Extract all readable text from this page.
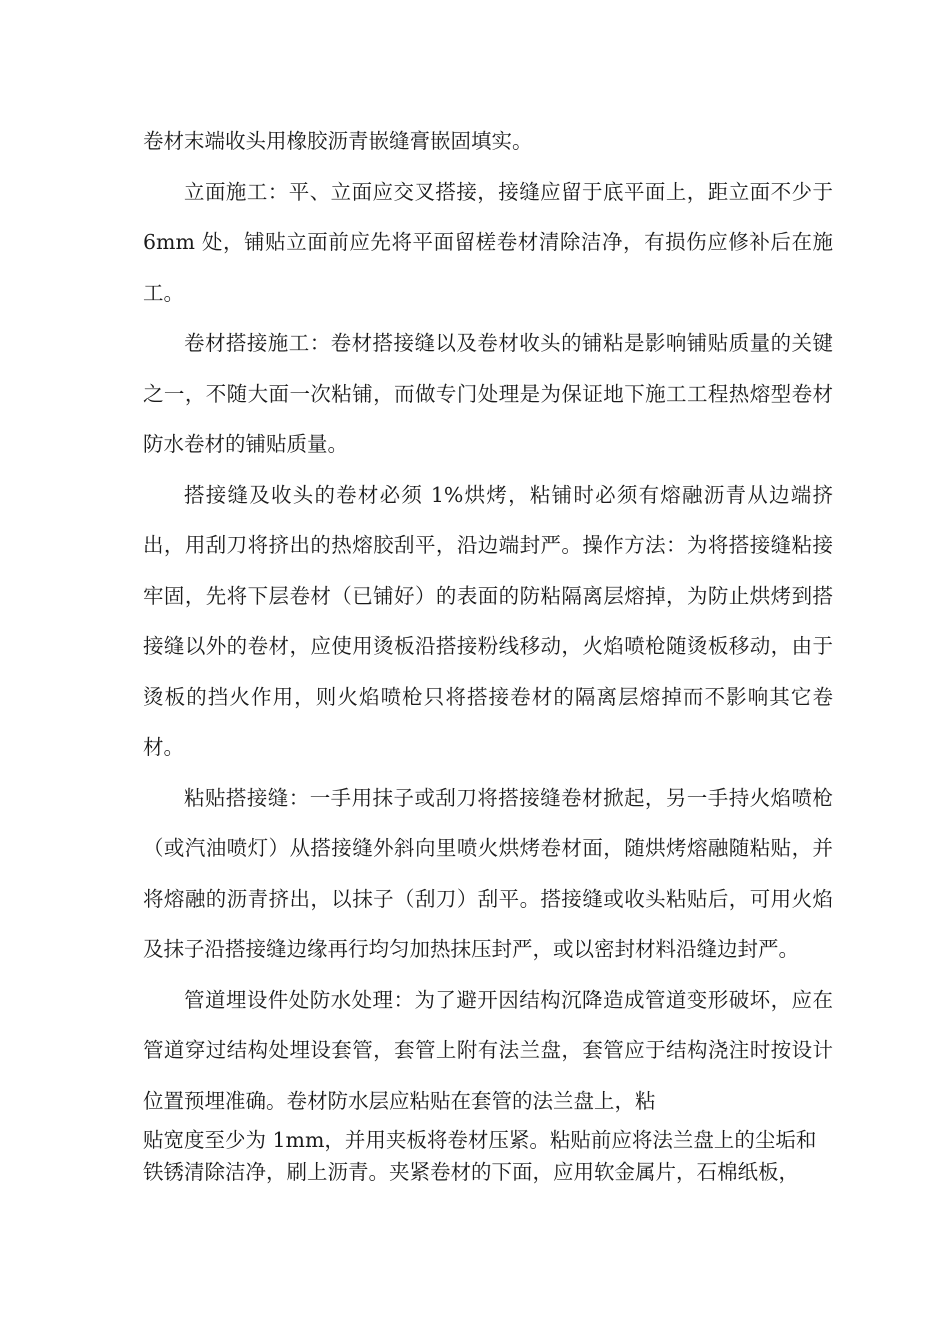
卷材末端收头用橡胶沥青嵌缝膏嵌固填实。

立面施工：平、立面应交叉搭接，接缝应留于底平面上，距立面不少于 6mm 处，铺贴立面前应先将平面留槎卷材清除洁净，有损伤应修补后在施工。

卷材搭接施工：卷材搭接缝以及卷材收头的铺粘是影响铺贴质量的关键之一，不随大面一次粘铺，而做专门处理是为保证地下施工工程热熔型卷材防水卷材的铺贴质量。

搭接缝及收头的卷材必须 1%烘烤，粘铺时必须有熔融沥青从边端挤出，用刮刀将挤出的热熔胶刮平，沿边端封严。操作方法：为将搭接缝粘接牢固，先将下层卷材（已铺好）的表面的防粘隔离层熔掉，为防止烘烤到搭接缝以外的卷材，应使用烫板沿搭接粉线移动，火焰喷枪随烫板移动，由于烫板的挡火作用，则火焰喷枪只将搭接卷材的隔离层熔掉而不影响其它卷材。

粘贴搭接缝：一手用抹子或刮刀将搭接缝卷材掀起，另一手持火焰喷枪（或汽油喷灯）从搭接缝外斜向里喷火烘烤卷材面，随烘烤熔融随粘贴，并将熔融的沥青挤出，以抹子（刮刀）刮平。搭接缝或收头粘贴后，可用火焰及抹子沿搭接缝边缘再行均匀加热抹压封严，或以密封材料沿缝边封严。

管道埋设件处防水处理：为了避开因结构沉降造成管道变形破坏，应在管道穿过结构处埋设套管，套管上附有法兰盘，套管应于结构浇注时按设计位置预埋准确。卷材防水层应粘贴在套管的法兰盘上，粘

贴宽度至少为 1mm，并用夹板将卷材压紧。粘贴前应将法兰盘上的尘垢和

铁锈清除洁净，刷上沥青。夹紧卷材的下面，应用软金属片，石棉纸板，
